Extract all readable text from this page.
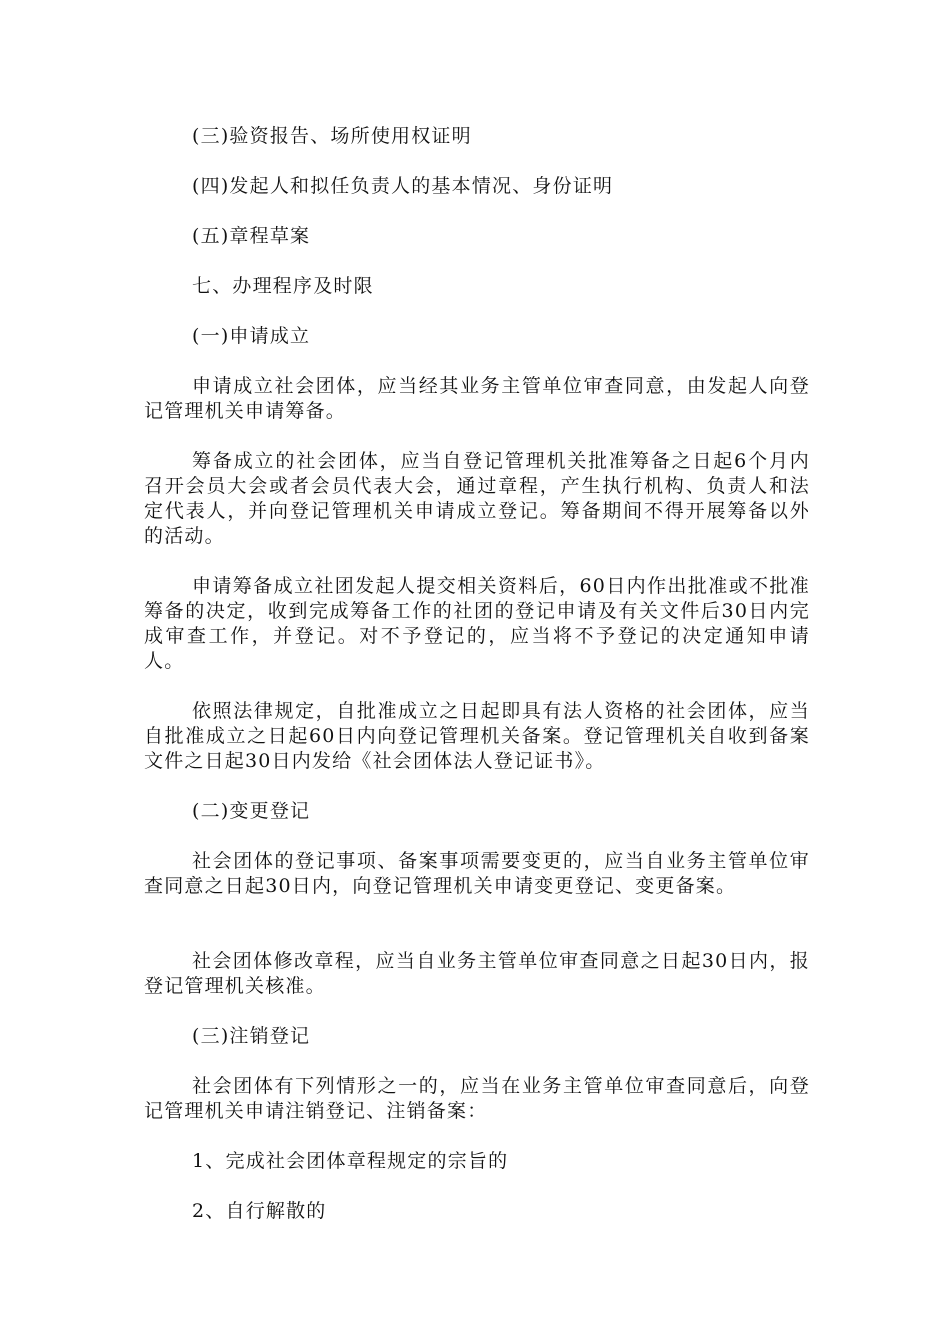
(三)验资报告、场所使用权证明

(四)发起人和拟任负责人的基本情况、身份证明

(五)章程草案

七、办理程序及时限

(一)申请成立

申请成立社会团体，应当经其业务主管单位审查同意，由发起人向登记管理机关申请筹备。

筹备成立的社会团体，应当自登记管理机关批准筹备之日起6个月内召开会员大会或者会员代表大会，通过章程，产生执行机构、负责人和法定代表人，并向登记管理机关申请成立登记。筹备期间不得开展筹备以外的活动。

申请筹备成立社团发起人提交相关资料后，60日内作出批准或不批准筹备的决定，收到完成筹备工作的社团的登记申请及有关文件后30日内完成审查工作，并登记。对不予登记的，应当将不予登记的决定通知申请人。

依照法律规定，自批准成立之日起即具有法人资格的社会团体，应当自批准成立之日起60日内向登记管理机关备案。登记管理机关自收到备案文件之日起30日内发给《社会团体法人登记证书》。

(二)变更登记

社会团体的登记事项、备案事项需要变更的，应当自业务主管单位审查同意之日起30日内，向登记管理机关申请变更登记、变更备案。

社会团体修改章程，应当自业务主管单位审查同意之日起30日内，报登记管理机关核准。

(三)注销登记

社会团体有下列情形之一的，应当在业务主管单位审查同意后，向登记管理机关申请注销登记、注销备案：

1、完成社会团体章程规定的宗旨的

2、自行解散的
